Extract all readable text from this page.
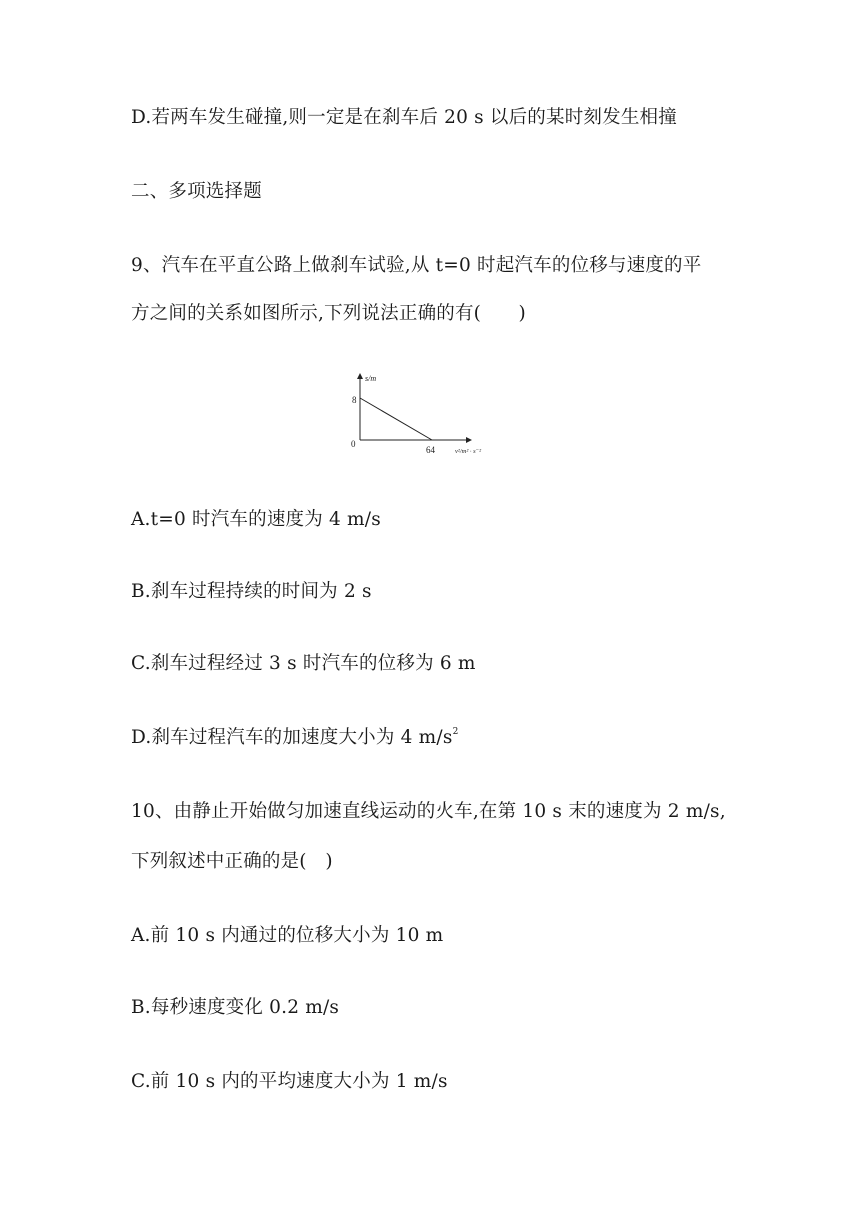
D.若两车发生碰撞,则一定是在刹车后 20 s 以后的某时刻发生相撞

二、多项选择题

9、汽车在平直公路上做刹车试验,从 t=0 时起汽车的位移与速度的平

方之间的关系如图所示,下列说法正确的有(　　)

s/m
8
0
64	v²/m² · s⁻²

A.t=0 时汽车的速度为 4 m/s

B.刹车过程持续的时间为 2 s

C.刹车过程经过 3 s 时汽车的位移为 6 m

D.刹车过程汽车的加速度大小为 4 $m/s^2$

10、由静止开始做匀加速直线运动的火车,在第 10 s 末的速度为 2 m/s,

下列叙述中正确的是(　)

A.前 10 s 内通过的位移大小为 10 m

B.每秒速度变化 0.2 m/s

C.前 10 s 内的平均速度大小为 1 m/s
